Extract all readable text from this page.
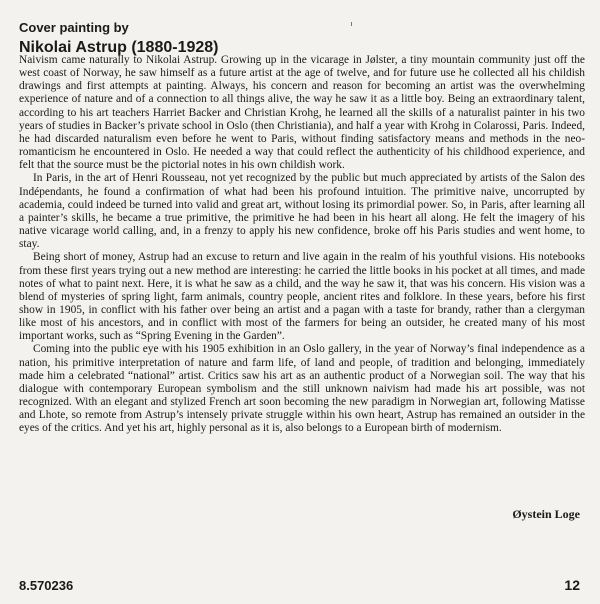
Cover painting by
Nikolai Astrup (1880-1928)

Naivism came naturally to Nikolai Astrup. Growing up in the vicarage in Jølster, a tiny mountain community just off the west coast of Norway, he saw himself as a future artist at the age of twelve, and for future use he collected all his childish drawings and first attempts at painting. Always, his concern and reason for becoming an artist was the overwhelming experience of nature and of a connection to all things alive, the way he saw it as a little boy. Being an extraordinary talent, according to his art teachers Harriet Backer and Christian Krohg, he learned all the skills of a naturalist painter in his two years of studies in Backer’s private school in Oslo (then Christiania), and half a year with Krohg in Colarossi, Paris. Indeed, he had discarded naturalism even before he went to Paris, without finding satisfactory means and methods in the neo-romanticism he encountered in Oslo. He needed a way that could reflect the authenticity of his childhood experience, and felt that the source must be the pictorial notes in his own childish work.

In Paris, in the art of Henri Rousseau, not yet recognized by the public but much appreciated by artists of the Salon des Indépendants, he found a confirmation of what had been his profound intuition. The primitive naive, uncorrupted by academia, could indeed be turned into valid and great art, without losing its primordial power. So, in Paris, after learning all a painter’s skills, he became a true primitive, the primitive he had been in his heart all along. He felt the imagery of his native vicarage world calling, and, in a frenzy to apply his new confidence, broke off his Paris studies and went home, to stay.

Being short of money, Astrup had an excuse to return and live again in the realm of his youthful visions. His notebooks from these first years trying out a new method are interesting: he carried the little books in his pocket at all times, and made notes of what to paint next. Here, it is what he saw as a child, and the way he saw it, that was his concern. His vision was a blend of mysteries of spring light, farm animals, country people, ancient rites and folklore. In these years, before his first show in 1905, in conflict with his father over being an artist and a pagan with a taste for brandy, rather than a clergyman like most of his ancestors, and in conflict with most of the farmers for being an outsider, he created many of his most important works, such as “Spring Evening in the Garden”.

Coming into the public eye with his 1905 exhibition in an Oslo gallery, in the year of Norway’s final independence as a nation, his primitive interpretation of nature and farm life, of land and people, of tradition and belonging, immediately made him a celebrated “national” artist. Critics saw his art as an authentic product of a Norwegian soil. The way that his dialogue with contemporary European symbolism and the still unknown naivism had made his art possible, was not recognized. With an elegant and stylized French art soon becoming the new paradigm in Norwegian art, following Matisse and Lhote, so remote from Astrup’s intensely private struggle within his own heart, Astrup has remained an outsider in the eyes of the critics. And yet his art, highly personal as it is, also belongs to a European birth of modernism.

Øystein Loge
8.570236	12
